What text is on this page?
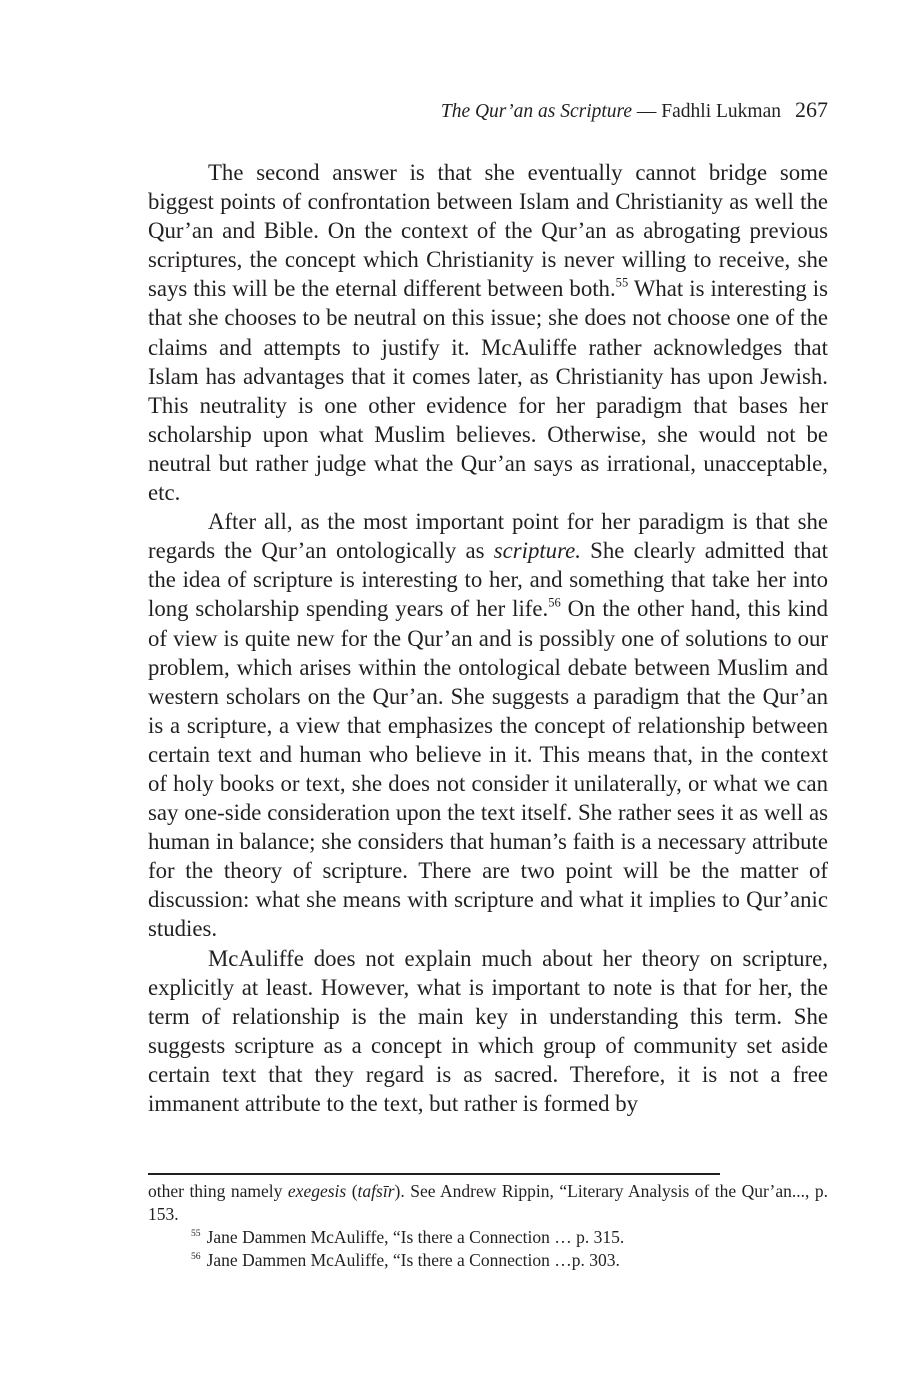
The Qur’an as Scripture — Fadhli Lukman 267

The second answer is that she eventually cannot bridge some biggest points of confrontation between Islam and Christianity as well the Qur’an and Bible. On the context of the Qur’an as abrogating previous scriptures, the concept which Christianity is never willing to receive, she says this will be the eternal different between both.$^{55}$ What is interesting is that she chooses to be neutral on this issue; she does not choose one of the claims and attempts to justify it. McAuliffe rather acknowledges that Islam has advantages that it comes later, as Christianity has upon Jewish. This neutrality is one other evidence for her paradigm that bases her scholarship upon what Muslim believes. Otherwise, she would not be neutral but rather judge what the Qur’an says as irrational, unacceptable, etc.

After all, as the most important point for her paradigm is that she regards the Qur’an ontologically as scripture. She clearly admitted that the idea of scripture is interesting to her, and something that take her into long scholarship spending years of her life.$^{56}$ On the other hand, this kind of view is quite new for the Qur’an and is possibly one of solutions to our problem, which arises within the ontological debate between Muslim and western scholars on the Qur’an. She suggests a paradigm that the Qur’an is a scripture, a view that emphasizes the concept of relationship between certain text and human who believe in it. This means that, in the context of holy books or text, she does not consider it unilaterally, or what we can say one-side consideration upon the text itself. She rather sees it as well as human in balance; she considers that human’s faith is a necessary attribute for the theory of scripture. There are two point will be the matter of discussion: what she means with scripture and what it implies to Qur’anic studies.

McAuliffe does not explain much about her theory on scripture, explicitly at least. However, what is important to note is that for her, the term of relationship is the main key in understanding this term. She suggests scripture as a concept in which group of community set aside certain text that they regard is as sacred. Therefore, it is not a free immanent attribute to the text, but rather is formed by

other thing namely exegesis (tafsīr). See Andrew Rippin, “Literary Analysis of the Qur’an..., p. 153.

$^{55}$ Jane Dammen McAuliffe, “Is there a Connection … p. 315.

$^{56}$ Jane Dammen McAuliffe, “Is there a Connection …p. 303.
